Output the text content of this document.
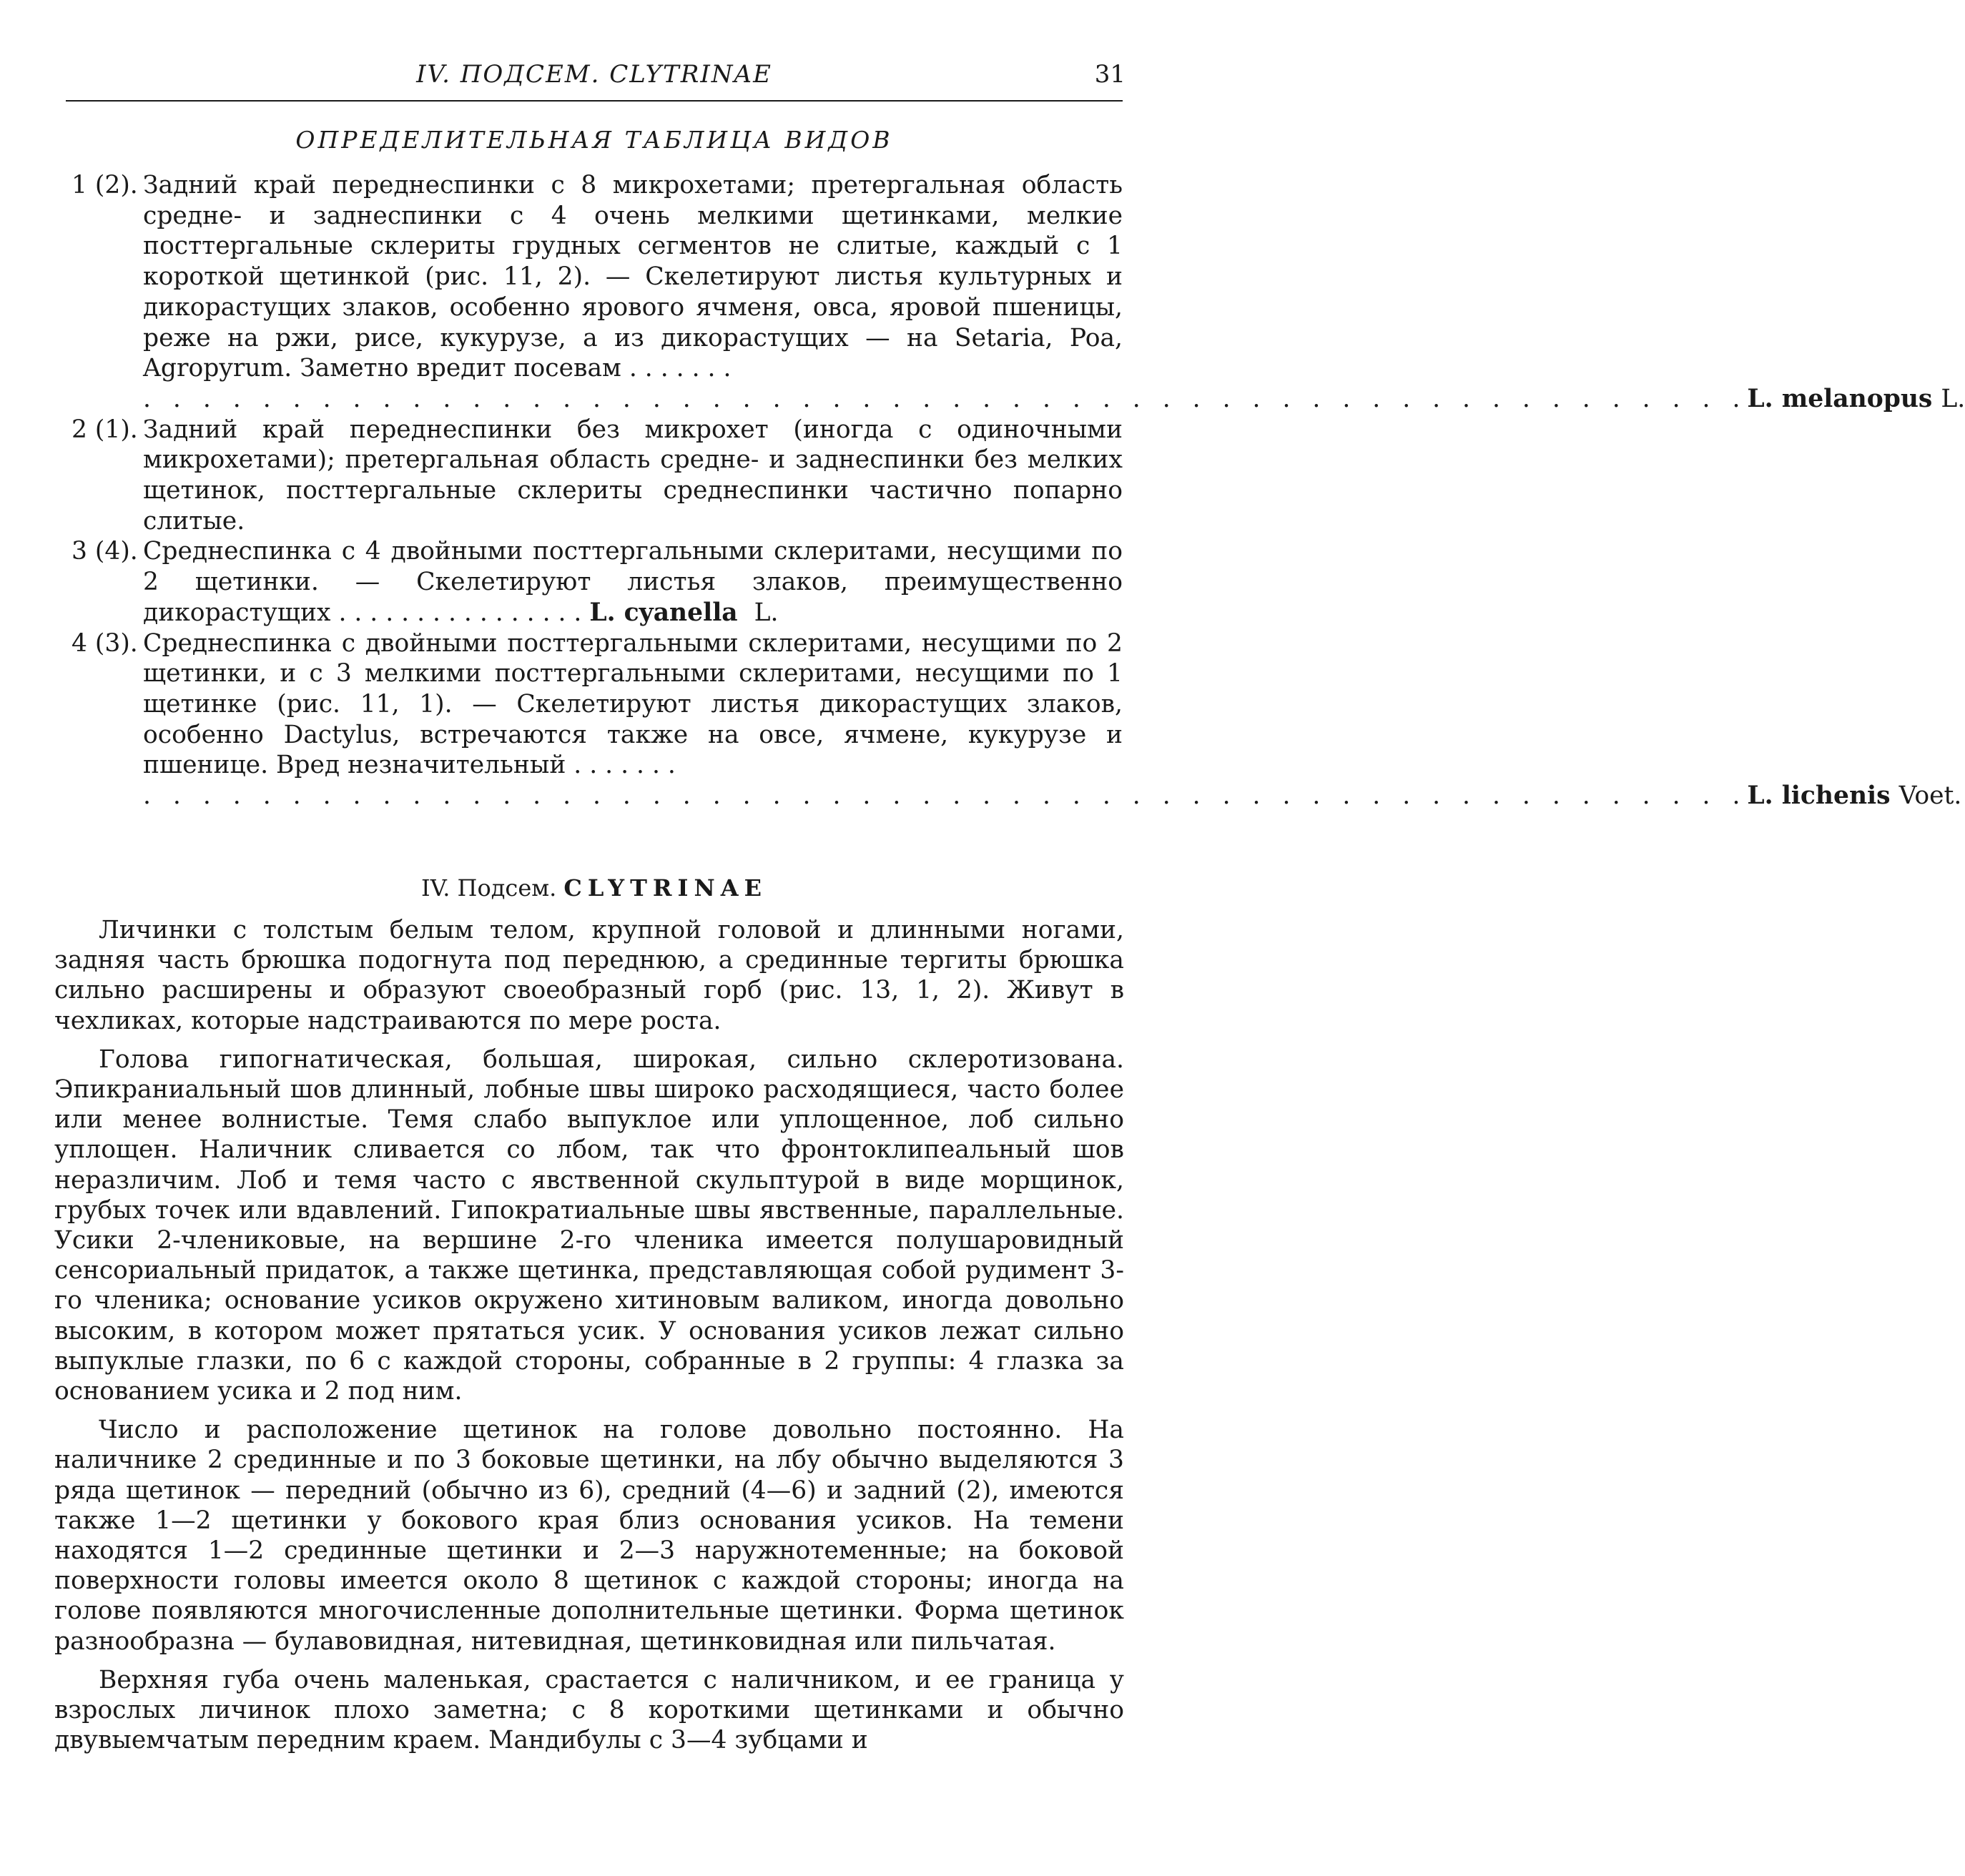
IV. ПОДСЕМ. CLYTRINAE	31
ОПРЕДЕЛИТЕЛЬНАЯ ТАБЛИЦА ВИДОВ
1 (2). Задний край переднеспинки с 8 микрохетами; претергальная область средне- и заднеспинки с 4 очень мелкими щетинками, мелкие посттергальные склериты грудных сегментов не слитые, каждый с 1 короткой щетинкой (рис. 11, 2). — Скелетируют листья культурных и дикорастущих злаков, особенно ярового ячменя, овса, яровой пшеницы, реже на ржи, рисе, кукурузе, а из дикорастущих — на Setaria, Poa, Agropyrum. Заметно вредит посевам . . . . . . .
. . . . . . . . . . . . . . . . . . . . . . . . . . . . . . . . . . . . . . . . . . . . . . . . . . . . . . L. melanopus L.
2 (1). Задний край переднеспинки без микрохет (иногда с одиночными микрохетами); претергальная область средне- и заднеспинки без мелких щетинок, посттергальные склериты среднеспинки частично попарно слитые.
3 (4). Среднеспинка с 4 двойными посттергальными склеритами, несущими по 2 щетинки. — Скелетируют листья злаков, преимущественно дикорастущих . . . . . . . . . . . . . . . . L. cyanella L.
4 (3). Среднеспинка с двойными посттергальными склеритами, несущими по 2 щетинки, и с 3 мелкими посттергальными склеритами, несущими по 1 щетинке (рис. 11, 1). — Скелетируют листья дикорастущих злаков, особенно Dactylus, встречаются также на овсе, ячмене, кукурузе и пшенице. Вред незначительный . . . . . . .
. . . . . . . . . . . . . . . . . . . . . . . . . . . . . . . . . . . . . . . . . . . . . . . . . . . . . . L. lichenis Voet.
IV. Подсем. CLYTRINAE

Личинки с толстым белым телом, крупной головой и длинными ногами, задняя часть брюшка подогнута под переднюю, а срединные тергиты брюшка сильно расширены и образуют своеобразный горб (рис. 13, 1, 2). Живут в чехликах, которые надстраиваются по мере роста.

Голова гипогнатическая, большая, широкая, сильно склеротизована. Эпикраниальный шов длинный, лобные швы широко расходящиеся, часто более или менее волнистые. Темя слабо выпуклое или уплощенное, лоб сильно уплощен. Наличник сливается со лбом, так что фронтоклипеальный шов неразличим. Лоб и темя часто с явственной скульптурой в виде морщинок, грубых точек или вдавлений. Гипократиальные швы явственные, параллельные. Усики 2-члениковые, на вершине 2-го членика имеется полушаровидный сенсориальный придаток, а также щетинка, представляющая собой рудимент 3-го членика; основание усиков окружено хитиновым валиком, иногда довольно высоким, в котором может прятаться усик. У основания усиков лежат сильно выпуклые глазки, по 6 с каждой стороны, собранные в 2 группы: 4 глазка за основанием усика и 2 под ним.

Число и расположение щетинок на голове довольно постоянно. На наличнике 2 срединные и по 3 боковые щетинки, на лбу обычно выделяются 3 ряда щетинок — передний (обычно из 6), средний (4—6) и задний (2), имеются также 1—2 щетинки у бокового края близ основания усиков. На темени находятся 1—2 срединные щетинки и 2—3 наружнотеменные; на боковой поверхности головы имеется около 8 щетинок с каждой стороны; иногда на голове появляются многочисленные дополнительные щетинки. Форма щетинок разнообразна — булавовидная, нитевидная, щетинковидная или пильчатая.

Верхняя губа очень маленькая, срастается с наличником, и ее граница у взрослых личинок плохо заметна; с 8 короткими щетинками и обычно двувыемчатым передним краем. Мандибулы с 3—4 зубцами и
